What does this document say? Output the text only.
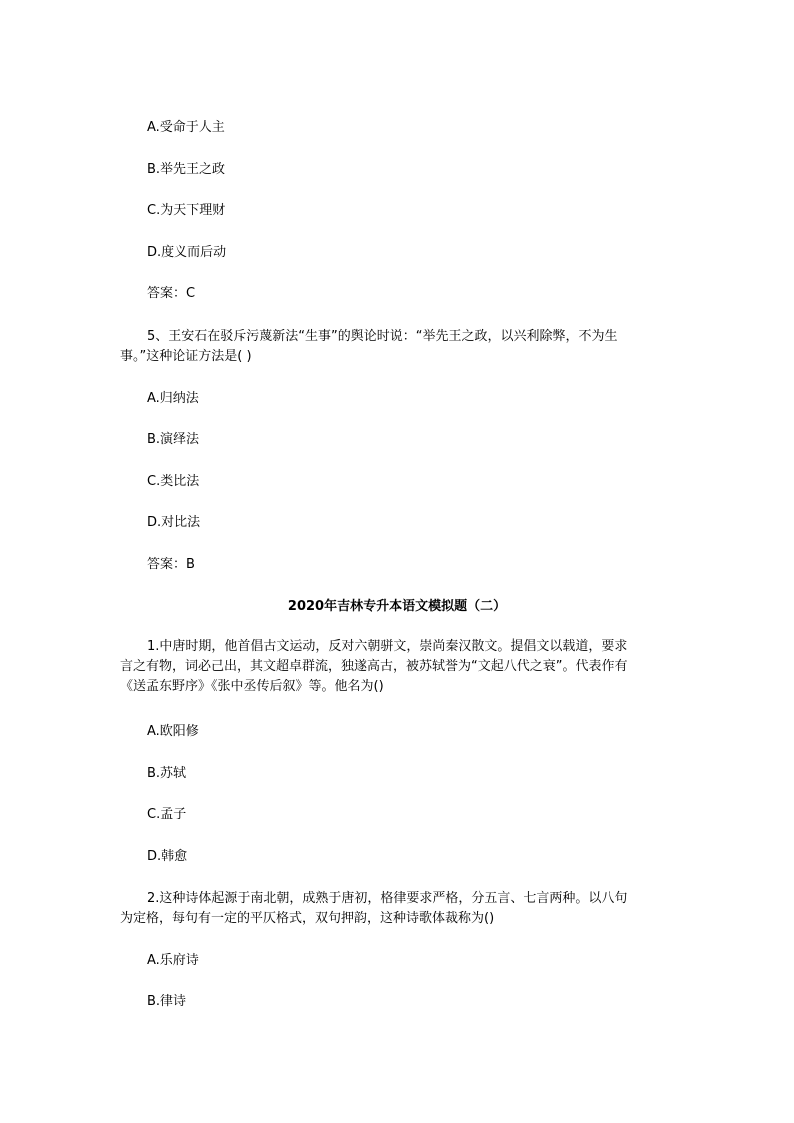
A.受命于人主
B.举先王之政
C.为天下理财
D.度义而后动
答案：C
5、王安石在驳斥污蔑新法“生事”的舆论时说：“举先王之政，以兴利除弊，不为生
事。”这种论证方法是( )
A.归纳法
B.演绎法
C.类比法
D.对比法
答案：B
2020年吉林专升本语文模拟题（二）
1.中唐时期，他首倡古文运动，反对六朝骈文，崇尚秦汉散文。提倡文以载道，要求
言之有物，词必己出，其文超卓群流，独遂高古，被苏轼誉为“文起八代之衰”。代表作有
《送孟东野序》《张中丞传后叙》等。他名为()
A.欧阳修
B.苏轼
C.孟子
D.韩愈
2.这种诗体起源于南北朝，成熟于唐初，格律要求严格，分五言、七言两种。以八句
为定格，每句有一定的平仄格式，双句押韵，这种诗歌体裁称为()
A.乐府诗
B.律诗
